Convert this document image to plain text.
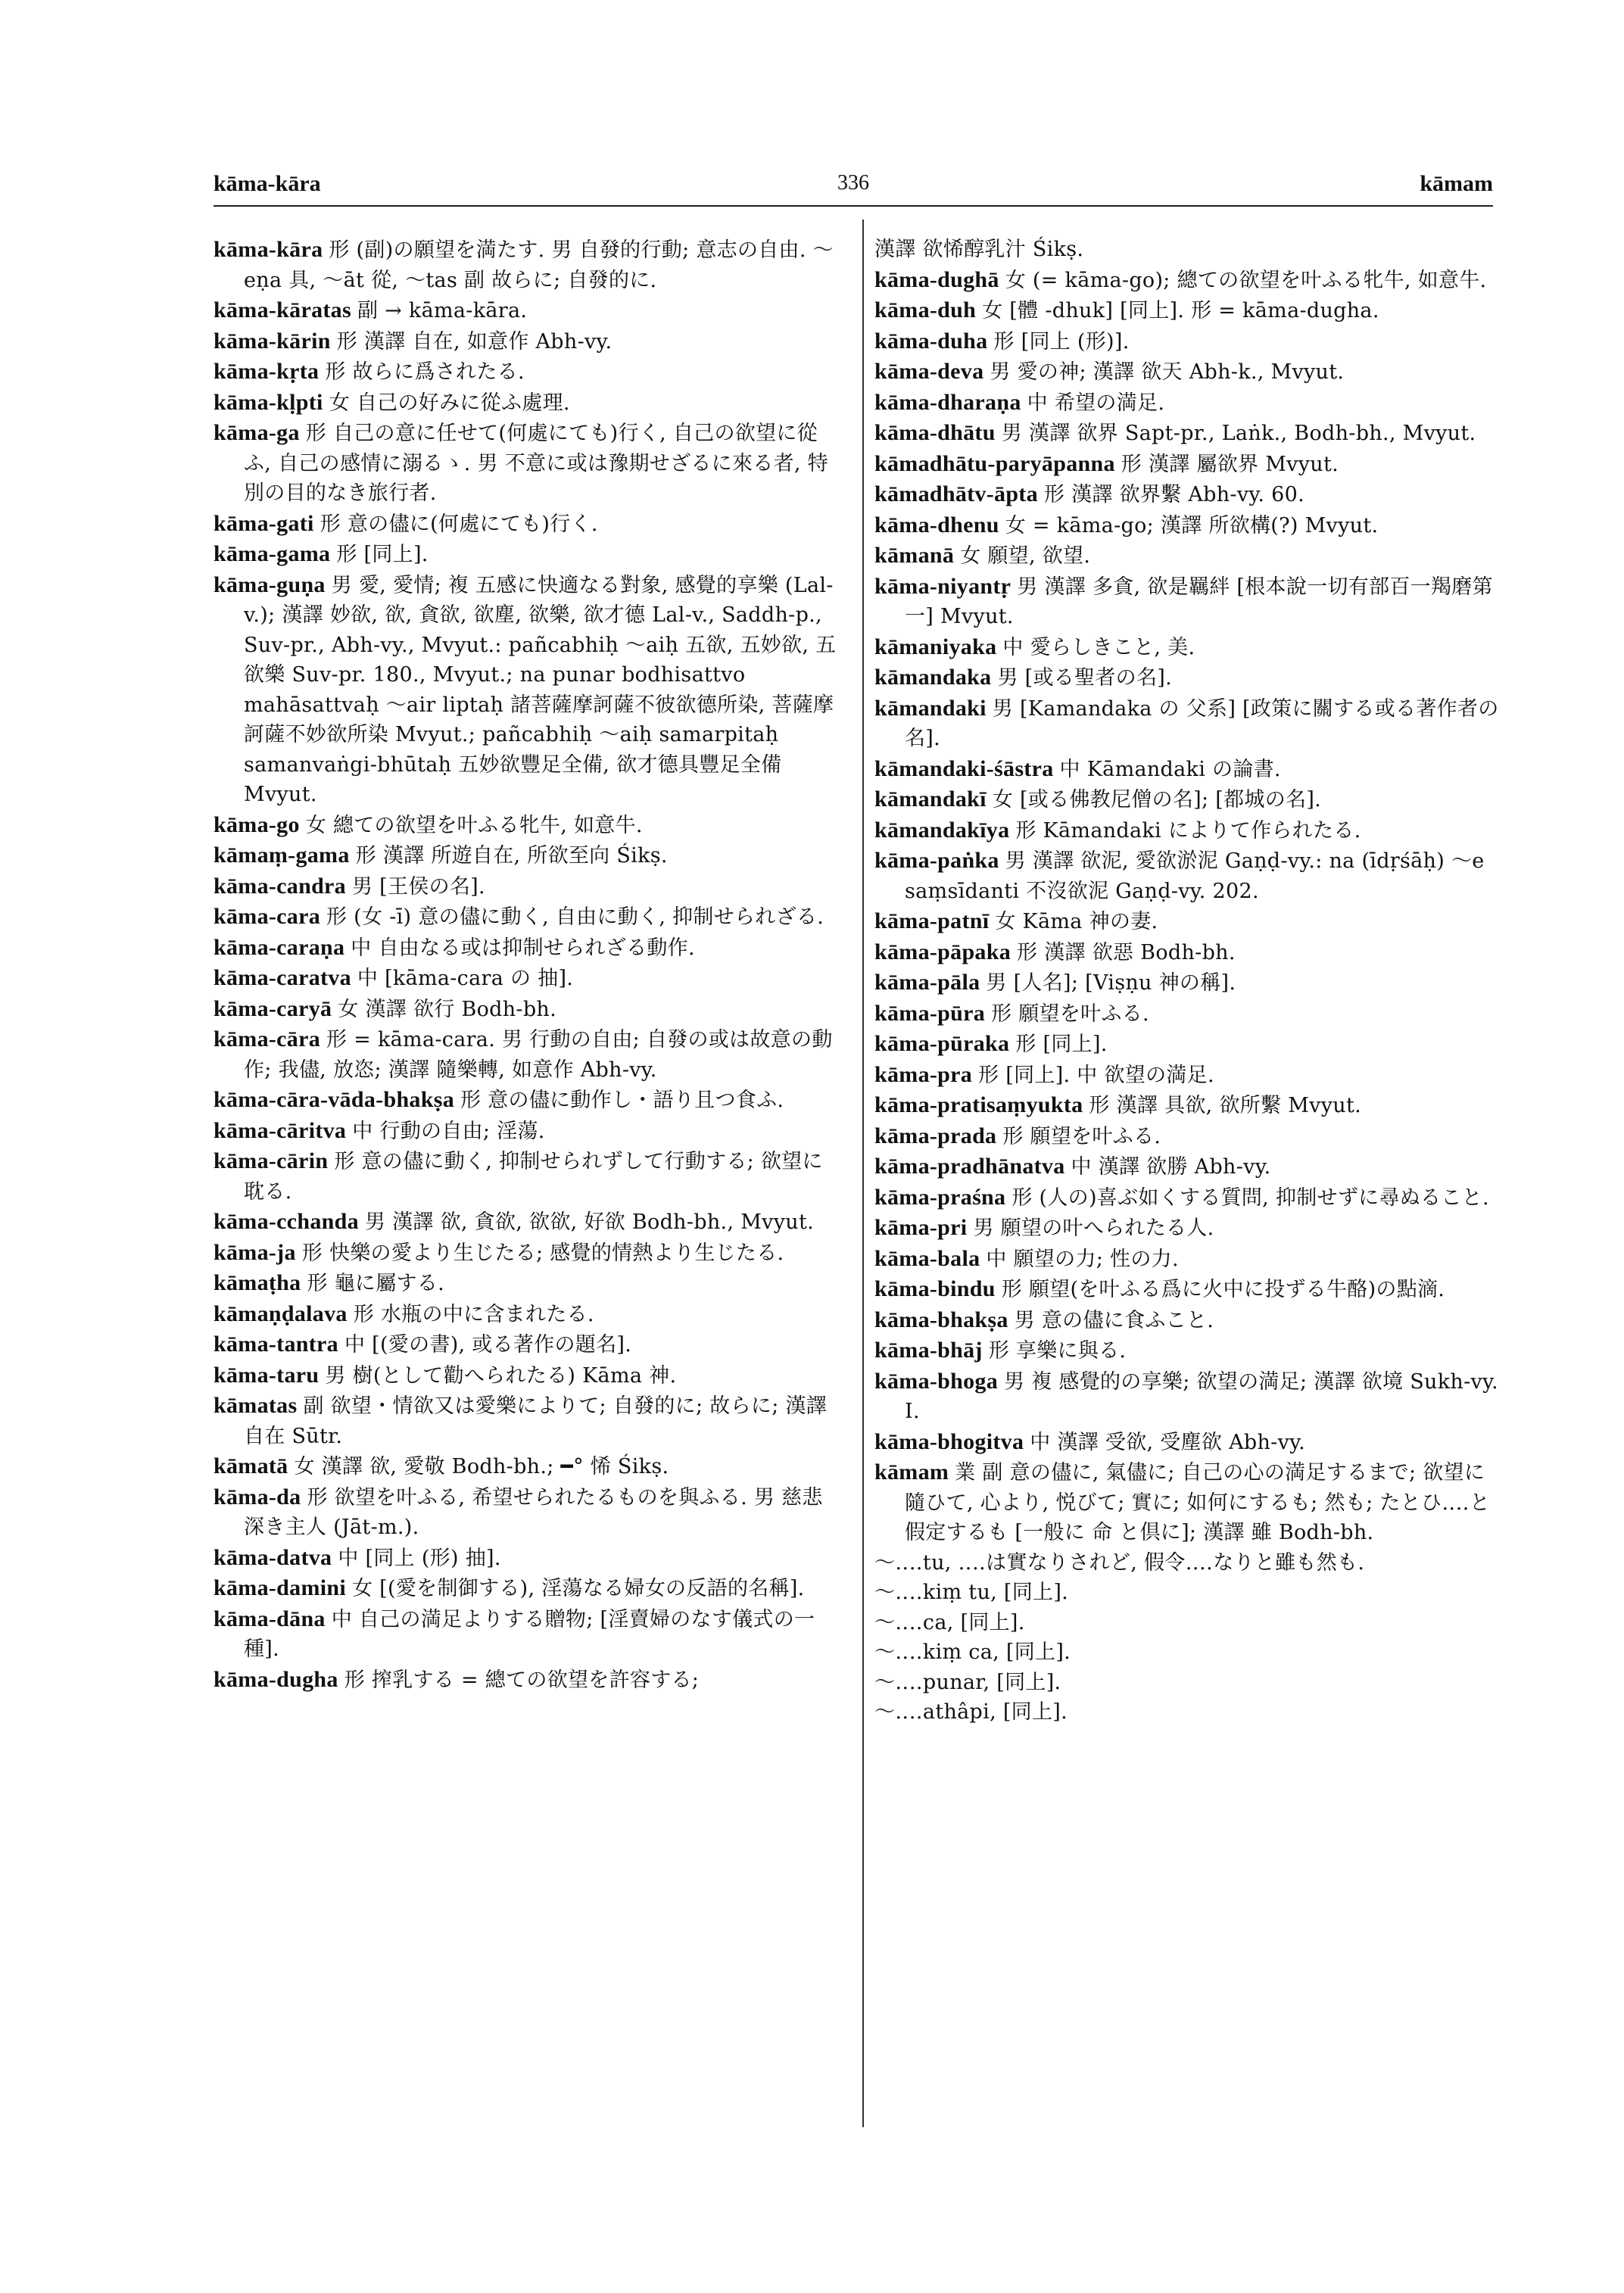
kāma-kāra	336	kāmam

kāma-kāra 形 (副)の願望を満たす. 男 自發的行動; 意志の自由. ～eṇa 具, ～āt 從, ～tas 副 故らに; 自發的に.

kāma-kāratas 副 → kāma-kāra.

kāma-kārin 形 漢譯 自在, 如意作 Abh-vy.

kāma-kṛta 形 故らに爲されたる.

kāma-kḷpti 女 自己の好みに從ふ處理.

kāma-ga 形 自己の意に任せて(何處にても)行く, 自己の欲望に從ふ, 自己の感情に溺るゝ. 男 不意に或は豫期せざるに來る者, 特別の目的なき旅行者.

kāma-gati 形 意の儘に(何處にても)行く.

kāma-gama 形 [同上].

kāma-guṇa 男 愛, 愛情; 複 五感に快適なる對象, 感覺的享樂 (Lal-v.); 漢譯 妙欲, 欲, 貪欲, 欲塵, 欲樂, 欲才德 Lal-v., Saddh-p., Suv-pr., Abh-vy., Mvyut.: pañcabhiḥ ～aiḥ 五欲, 五妙欲, 五欲樂 Suv-pr. 180., Mvyut.; na punar bodhisattvo mahāsattvaḥ ～air liptaḥ 諸菩薩摩訶薩不彼欲德所染, 菩薩摩訶薩不妙欲所染 Mvyut.; pañcabhiḥ ～aiḥ samarpitaḥ samanvaṅgi-bhūtaḥ 五妙欲豐足全備, 欲才德具豐足全備 Mvyut.

kāma-go 女 總ての欲望を叶ふる牝牛, 如意牛.

kāmaṃ-gama 形 漢譯 所遊自在, 所欲至向 Śikṣ.

kāma-candra 男 [王侯の名].

kāma-cara 形 (女 -ī) 意の儘に動く, 自由に動く, 抑制せられざる.

kāma-caraṇa 中 自由なる或は抑制せられざる動作.

kāma-caratva 中 [kāma-cara の 抽].

kāma-caryā 女 漢譯 欲行 Bodh-bh.

kāma-cāra 形 = kāma-cara. 男 行動の自由; 自發の或は故意の動作; 我儘, 放恣; 漢譯 隨樂轉, 如意作 Abh-vy.

kāma-cāra-vāda-bhakṣa 形 意の儘に動作し・語り且つ食ふ.

kāma-cāritva 中 行動の自由; 淫蕩.

kāma-cārin 形 意の儘に動く, 抑制せられずして行動する; 欲望に耽る.

kāma-cchanda 男 漢譯 欲, 貪欲, 欲欲, 好欲 Bodh-bh., Mvyut.

kāma-ja 形 快樂の愛より生じたる; 感覺的情熱より生じたる.

kāmaṭha 形 龜に屬する.

kāmaṇḍalava 形 水瓶の中に含まれたる.

kāma-tantra 中 [(愛の書), 或る著作の題名].

kāma-taru 男 樹(として勸へられたる) Kāma 神.

kāmatas 副 欲望・情欲又は愛樂によりて; 自發的に; 故らに; 漢譯 自在 Sūtr.

kāmatā 女 漢譯 欲, 愛敬 Bodh-bh.; ━° 悕 Śikṣ.

kāma-da 形 欲望を叶ふる, 希望せられたるものを與ふる. 男 慈悲深き主人 (Jāt-m.).

kāma-datva 中 [同上 (形) 抽].

kāma-damini 女 [(愛を制御する), 淫蕩なる婦女の反語的名稱].

kāma-dāna 中 自己の満足よりする贈物; [淫賣婦のなす儀式の一種].

kāma-dugha 形 搾乳する = 總ての欲望を許容する;

漢譯 欲悕醇乳汁 Śikṣ.

kāma-dughā 女 (= kāma-go); 總ての欲望を叶ふる牝牛, 如意牛.

kāma-duh 女 [體 -dhuk] [同上]. 形 = kāma-dugha.

kāma-duha 形 [同上 (形)].

kāma-deva 男 愛の神; 漢譯 欲天 Abh-k., Mvyut.

kāma-dharaṇa 中 希望の満足.

kāma-dhātu 男 漢譯 欲界 Sapt-pr., Laṅk., Bodh-bh., Mvyut.

kāmadhātu-paryāpanna 形 漢譯 屬欲界 Mvyut.

kāmadhātv-āpta 形 漢譯 欲界繫 Abh-vy. 60.

kāma-dhenu 女 = kāma-go; 漢譯 所欲構(?) Mvyut.

kāmanā 女 願望, 欲望.

kāma-niyantṛ 男 漢譯 多貪, 欲是羈絆 [根本說一切有部百一羯磨第一] Mvyut.

kāmaniyaka 中 愛らしきこと, 美.

kāmandaka 男 [或る聖者の名].

kāmandaki 男 [Kamandaka の 父系] [政策に關する或る著作者の名].

kāmandaki-śāstra 中 Kāmandaki の論書.

kāmandakī 女 [或る佛教尼僧の名]; [都城の名].

kāmandakīya 形 Kāmandaki によりて作られたる.

kāma-paṅka 男 漢譯 欲泥, 愛欲淤泥 Gaṇḍ-vy.: na (īdṛśāḥ) ～e saṃsīdanti 不沒欲泥 Gaṇḍ-vy. 202.

kāma-patnī 女 Kāma 神の妻.

kāma-pāpaka 形 漢譯 欲惡 Bodh-bh.

kāma-pāla 男 [人名]; [Viṣṇu 神の稱].

kāma-pūra 形 願望を叶ふる.

kāma-pūraka 形 [同上].

kāma-pra 形 [同上]. 中 欲望の満足.

kāma-pratisaṃyukta 形 漢譯 具欲, 欲所繫 Mvyut.

kāma-prada 形 願望を叶ふる.

kāma-pradhānatva 中 漢譯 欲勝 Abh-vy.

kāma-praśna 形 (人の)喜ぶ如くする質問, 抑制せずに尋ぬること.

kāma-pri 男 願望の叶へられたる人.

kāma-bala 中 願望の力; 性の力.

kāma-bindu 形 願望(を叶ふる爲に火中に投ずる牛酪)の點滴.

kāma-bhakṣa 男 意の儘に食ふこと.

kāma-bhāj 形 享樂に與る.

kāma-bhoga 男 複 感覺的の享樂; 欲望の満足; 漢譯 欲境 Sukh-vy. I.

kāma-bhogitva 中 漢譯 受欲, 受塵欲 Abh-vy.

kāmam 業 副 意の儘に, 氣儘に; 自己の心の満足するまで; 欲望に隨ひて, 心より, 悦びて; 實に; 如何にするも; 然も; たとひ‥‥と假定するも [一般に 命 と倶に]; 漢譯 雖 Bodh-bh.

～‥‥tu, ‥‥は實なりされど, 假令‥‥なりと雖も然も.

～‥‥kiṃ tu, [同上].

～‥‥ca, [同上].

～‥‥kiṃ ca, [同上].

～‥‥punar, [同上].

～‥‥athâpi, [同上].
